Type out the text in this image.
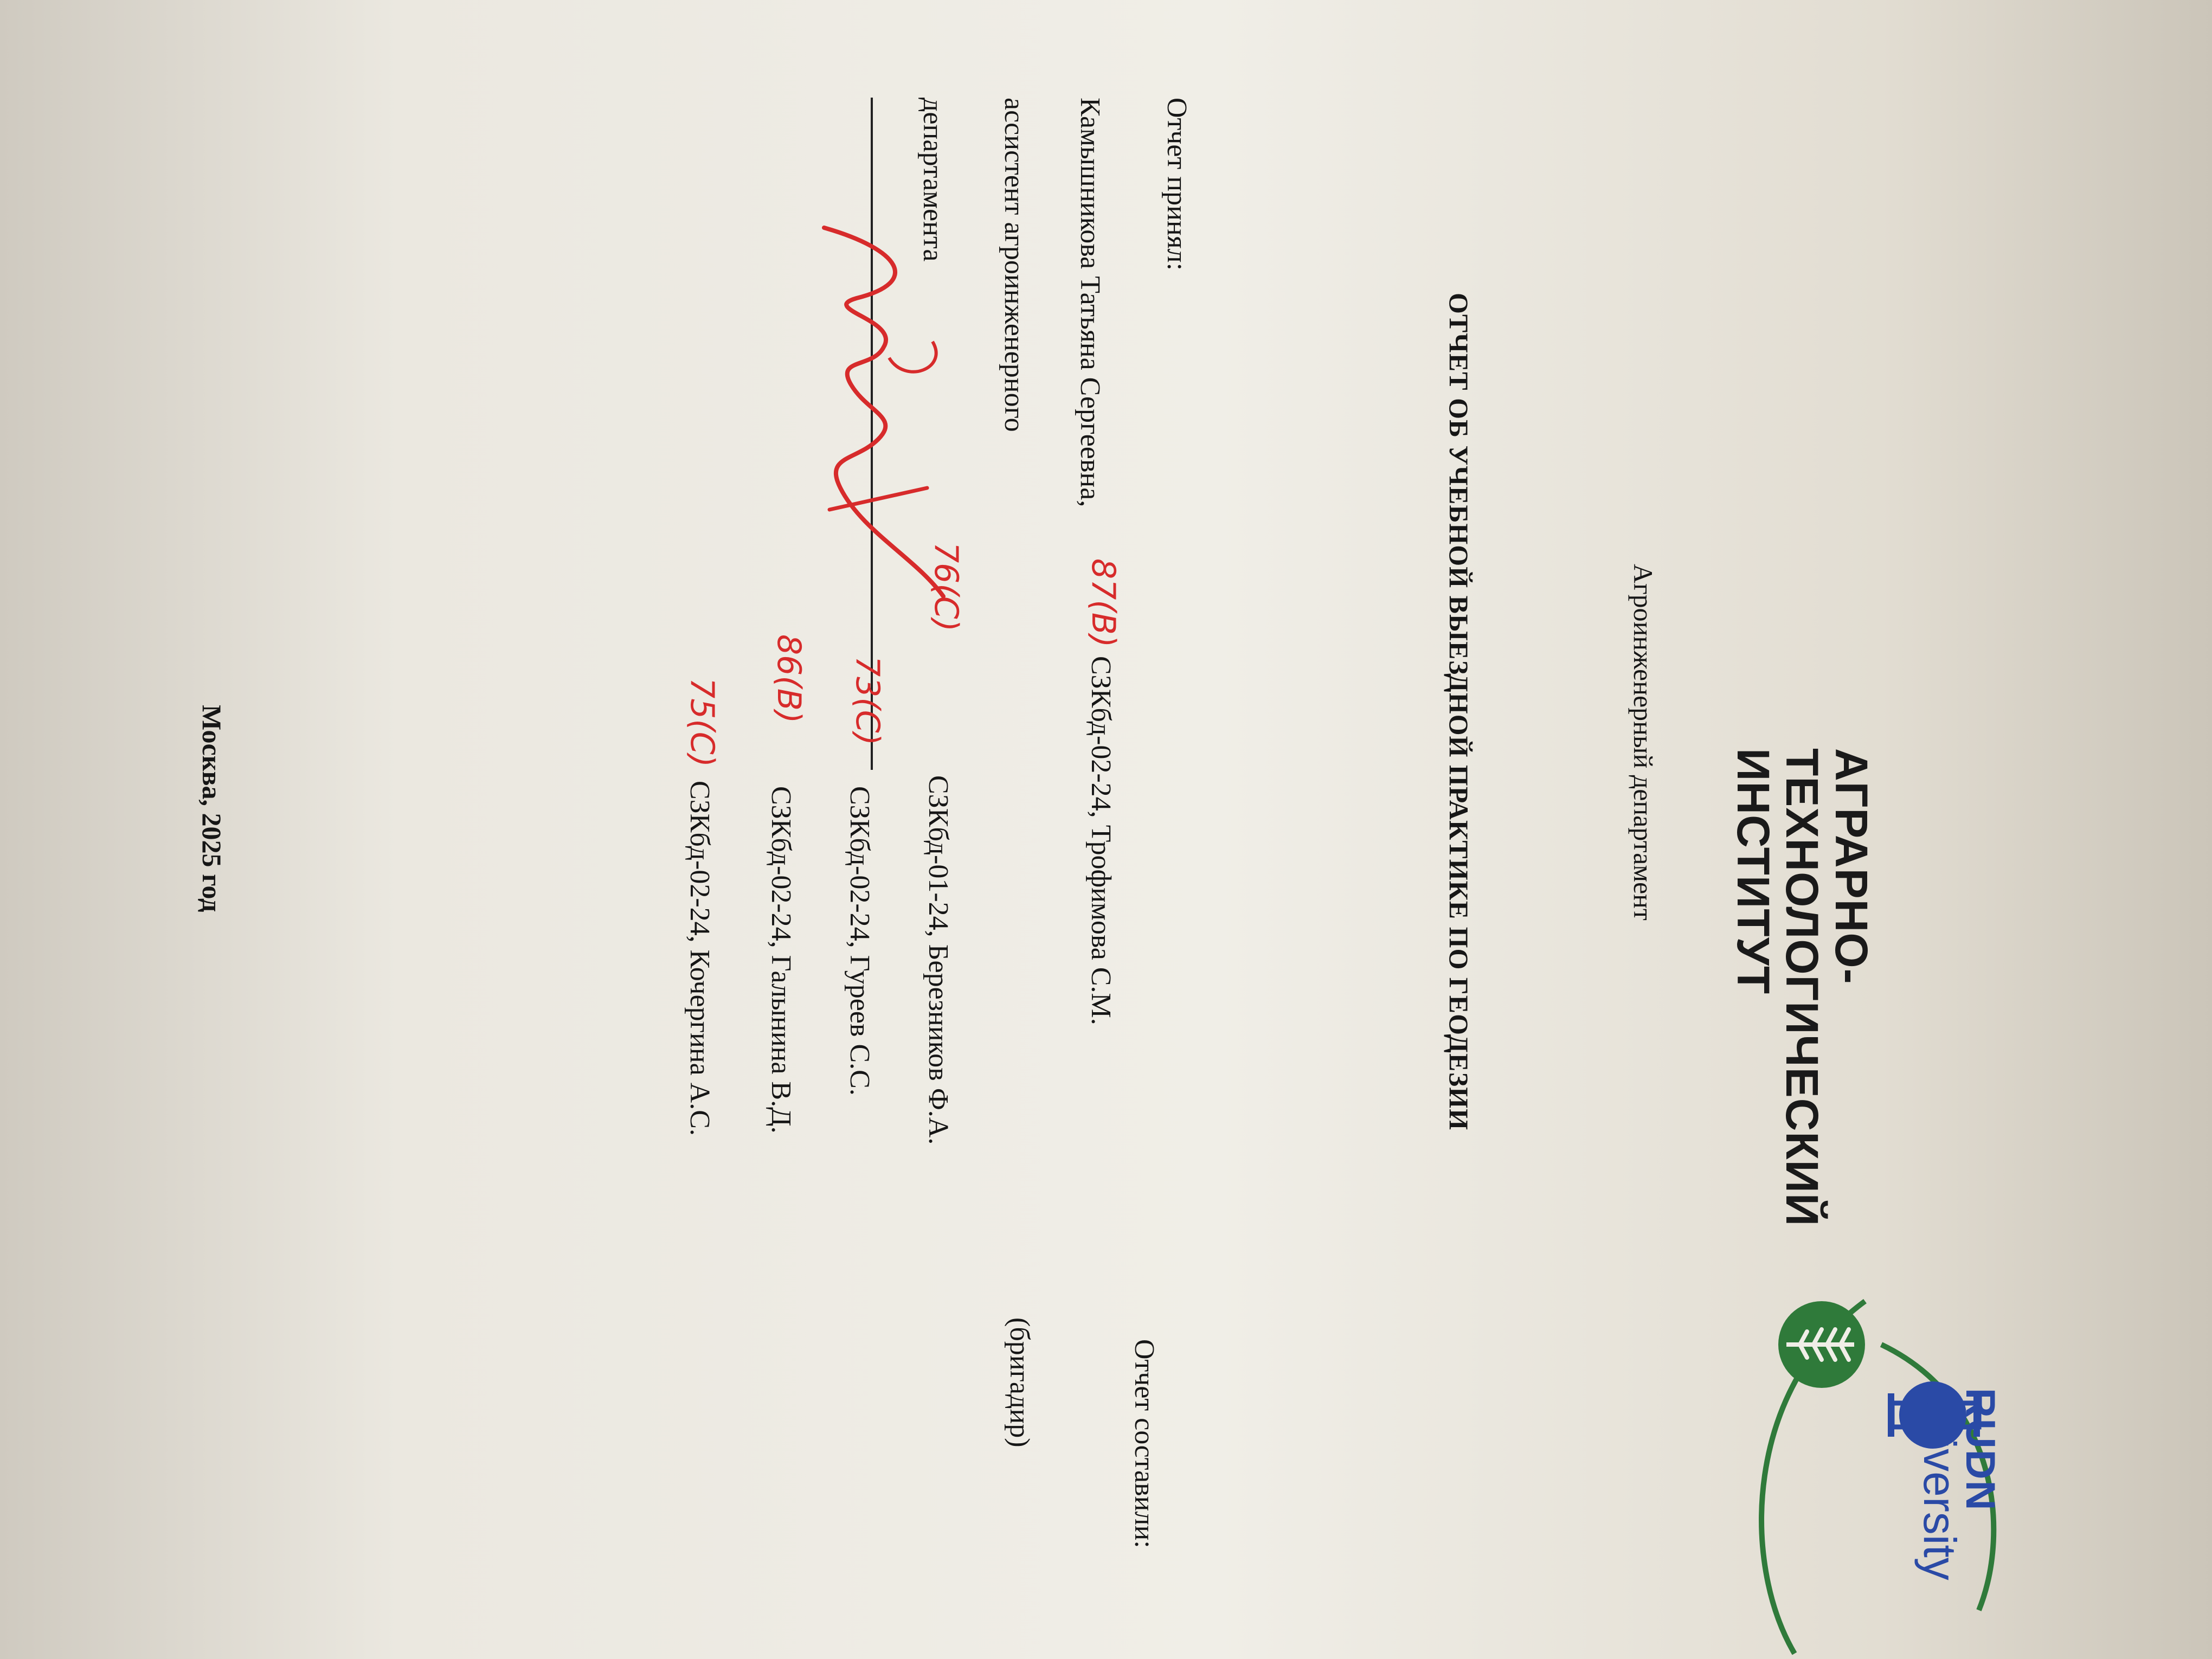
RUDN
university
АГРАРНО-ТЕХНОЛОГИЧЕСКИЙ
ИНСТИТУТ
Агроинженерный департамент
ОТЧЕТ ОБ УЧЕБНОЙ ВЫЕЗДНОЙ ПРАКТИКЕ ПО ГЕОДЕЗИИ
Отчет принял:
Камышникова Татьяна Сергеевна,
ассистент агроинженерного
департамента
Отчет составили:
87(B)
СЗКбд-02-24, Трофимова С.М.
(бригадир)
76(C)
СЗКбд-01-24, Березников Ф.А.
73(C)
СЗКбд-02-24, Гуреев С.С.
86(B)
СЗКбд-02-24, Галынина В.Д.
75(C)
СЗКбд-02-24, Кочергина А.С.
Москва, 2025 год
